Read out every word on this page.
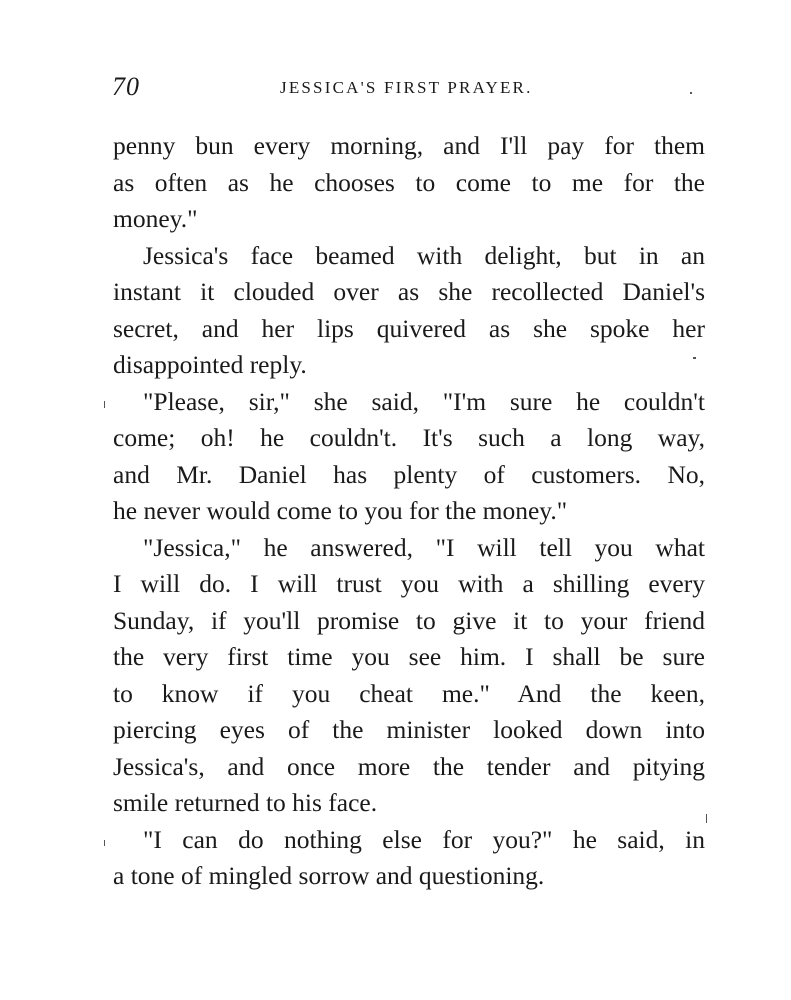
70	JESSICA'S FIRST PRAYER.
penny bun every morning, and I'll pay for them
as often as he chooses to come to me for the
money."
Jessica's face beamed with delight, but in an
instant it clouded over as she recollected Daniel's
secret, and her lips quivered as she spoke her
disappointed reply.
"Please, sir," she said, "I'm sure he couldn't
come; oh! he couldn't. It's such a long way,
and Mr. Daniel has plenty of customers. No,
he never would come to you for the money."
"Jessica," he answered, "I will tell you what
I will do. I will trust you with a shilling every
Sunday, if you'll promise to give it to your friend
the very first time you see him. I shall be sure
to know if you cheat me." And the keen,
piercing eyes of the minister looked down into
Jessica's, and once more the tender and pitying
smile returned to his face.
"I can do nothing else for you?" he said, in
a tone of mingled sorrow and questioning.
